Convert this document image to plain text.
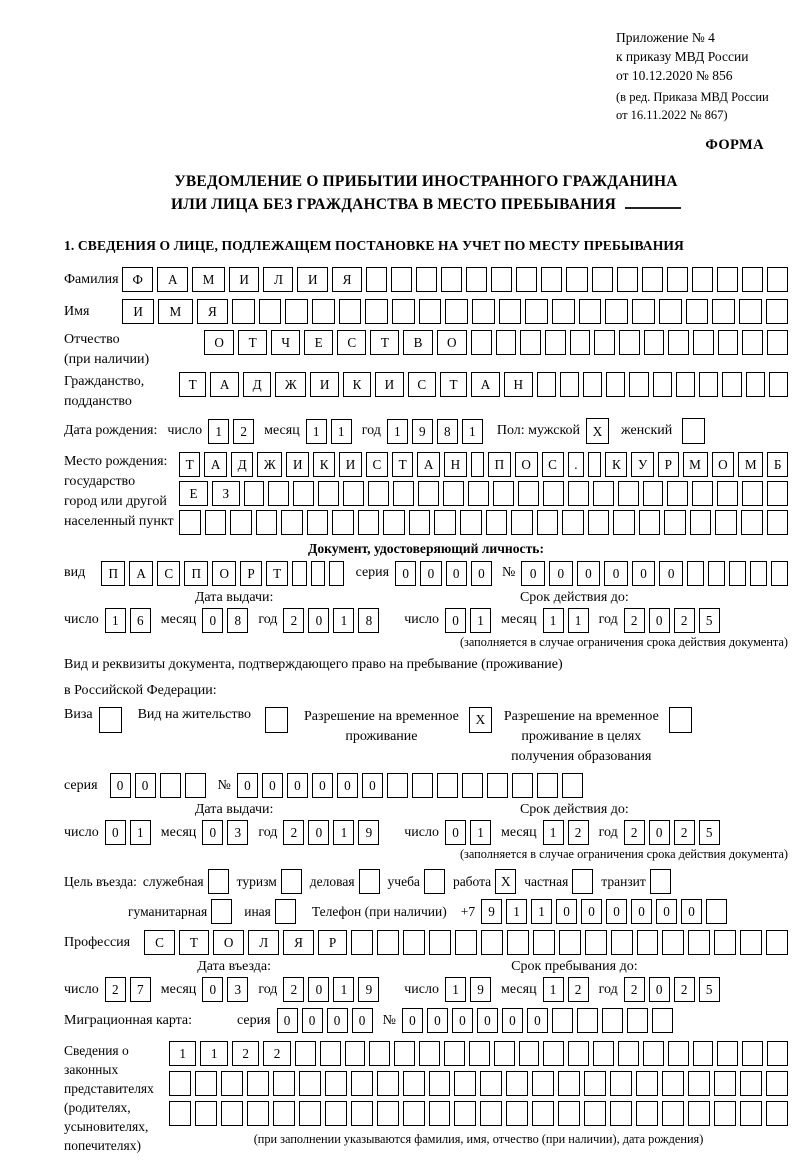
Приложение № 4
к приказу МВД России
от 10.12.2020 № 856
(в ред. Приказа МВД России
от 16.11.2022 № 867)
ФОРМА
УВЕДОМЛЕНИЕ О ПРИБЫТИИ ИНОСТРАННОГО ГРАЖДАНИНА
ИЛИ ЛИЦА БЕЗ ГРАЖДАНСТВА В МЕСТО ПРЕБЫВАНИЯ
1. СВЕДЕНИЯ О ЛИЦЕ, ПОДЛЕЖАЩЕМ ПОСТАНОВКЕ НА УЧЕТ ПО МЕСТУ ПРЕБЫВАНИЯ
Фамилия	Ф	А	М	И	Л	И	Я
Имя	И	М	Я
Отчество
(при наличии)
О	Т	Ч	Е	С	Т	В	О
Гражданство,
подданство
Т	А	Д	Ж	И	К	И	С	Т	А	Н
Дата рождения: число	1	2	месяц	1	1	год	1	9	8	1	Пол: мужской X	женский
Место рождения:
государство
город или другой
населенный пункт
Т	А	Д	Ж	И	К	И	С	Т	А	Н	П	О	С	.	К	У	Р	М	О	М	Б
Е	З
Документ, удостоверяющий личность:
вид	П	А	С	П	О	Р	Т	серия	0	0	0	0	№	0	0	0	0	0	0
Дата выдачи:	Срок действия до:
число	1	6	месяц	0	8	год	2	0	1	8	число	0	1	месяц	1	1	год	2	0	2	5
(заполняется в случае ограничения срока действия документа)
Вид и реквизиты документа, подтверждающего право на пребывание (проживание)
в Российской Федерации:
Виза	Вид на жительство	Разрешение на временное
проживание
X	Разрешение на временное
проживание в целях
получения образования
серия	0	0	№	0	0	0	0	0	0
Дата выдачи:	Срок действия до:
число	0	1	месяц	0	3	год	2	0	1	9	число	0	1	месяц	1	2	год	2	0	2	5
(заполняется в случае ограничения срока действия документа)
Цель въезда: служебная туризм деловая учеба работа X	частная транзит
гуманитарная	иная	Телефон (при наличии) +7	9	1	1	0	0	0	0	0	0
Профессия	С	Т	О	Л	Я	Р
Дата въезда:	Срок пребывания до:
число	2	7	месяц	0	3	год	2	0	1	9	число	1	9	месяц	1	2	год	2	0	2	5
Миграционная карта:	серия	0	0	0	0	№	0	0	0	0	0	0
Сведения о
законных
представителях
(родителях,
усыновителях,
попечителях)
1	1	2	2
(при заполнении указываются фамилия, имя, отчество (при наличии), дата рождения)
